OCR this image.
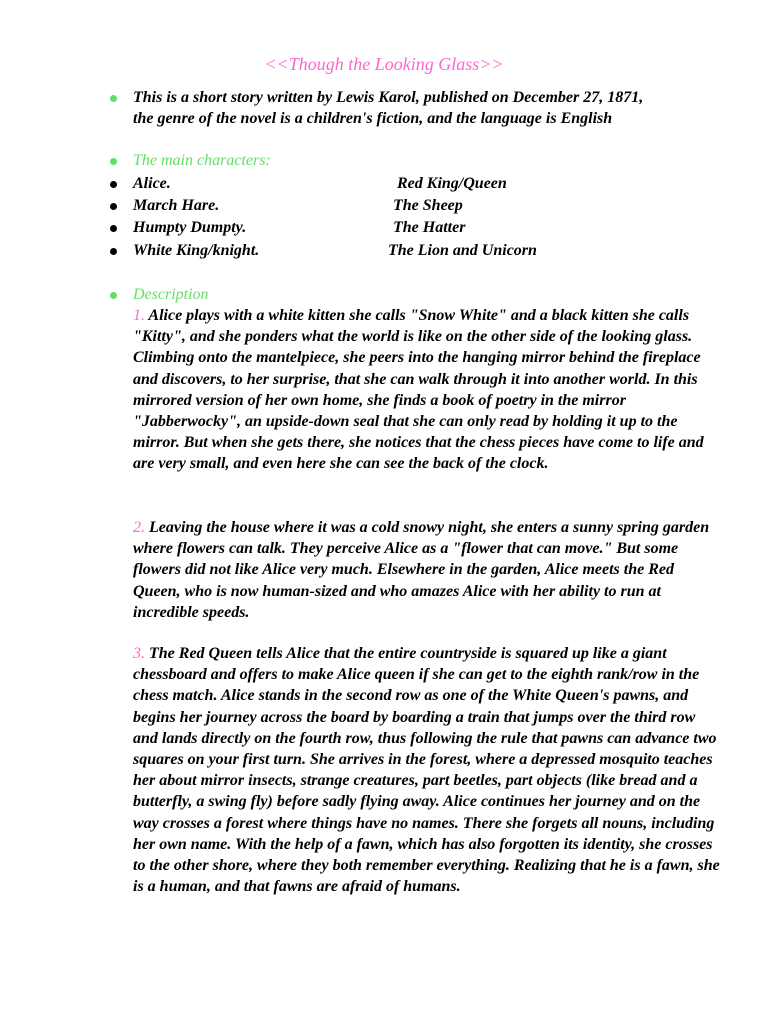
<<Though the Looking Glass>>
This is a short story written by Lewis Karol, published on December 27, 1871,
the genre of the novel is a children's fiction, and the language is English
The main characters:
Alice.	Red King/Queen
March Hare.	The Sheep
Humpty Dumpty.	The Hatter
White King/knight.	The Lion and Unicorn
Description
1. Alice plays with a white kitten she calls "Snow White" and a black kitten she calls "Kitty", and she ponders what the world is like on the other side of the looking glass. Climbing onto the mantelpiece, she peers into the hanging mirror behind the fireplace and discovers, to her surprise, that she can walk through it into another world. In this mirrored version of her own home, she finds a book of poetry in the mirror "Jabberwocky", an upside-down seal that she can only read by holding it up to the mirror. But when she gets there, she notices that the chess pieces have come to life and are very small, and even here she can see the back of the clock.
2. Leaving the house where it was a cold snowy night, she enters a sunny spring garden where flowers can talk. They perceive Alice as a "flower that can move." But some flowers did not like Alice very much. Elsewhere in the garden, Alice meets the Red Queen, who is now human-sized and who amazes Alice with her ability to run at incredible speeds.
3. The Red Queen tells Alice that the entire countryside is squared up like a giant chessboard and offers to make Alice queen if she can get to the eighth rank/row in the chess match. Alice stands in the second row as one of the White Queen's pawns, and begins her journey across the board by boarding a train that jumps over the third row and lands directly on the fourth row, thus following the rule that pawns can advance two squares on your first turn. She arrives in the forest, where a depressed mosquito teaches her about mirror insects, strange creatures, part beetles, part objects (like bread and a butterfly, a swing fly) before sadly flying away. Alice continues her journey and on the way crosses a forest where things have no names. There she forgets all nouns, including her own name. With the help of a fawn, which has also forgotten its identity, she crosses to the other shore, where they both remember everything. Realizing that he is a fawn, she is a human, and that fawns are afraid of humans.
